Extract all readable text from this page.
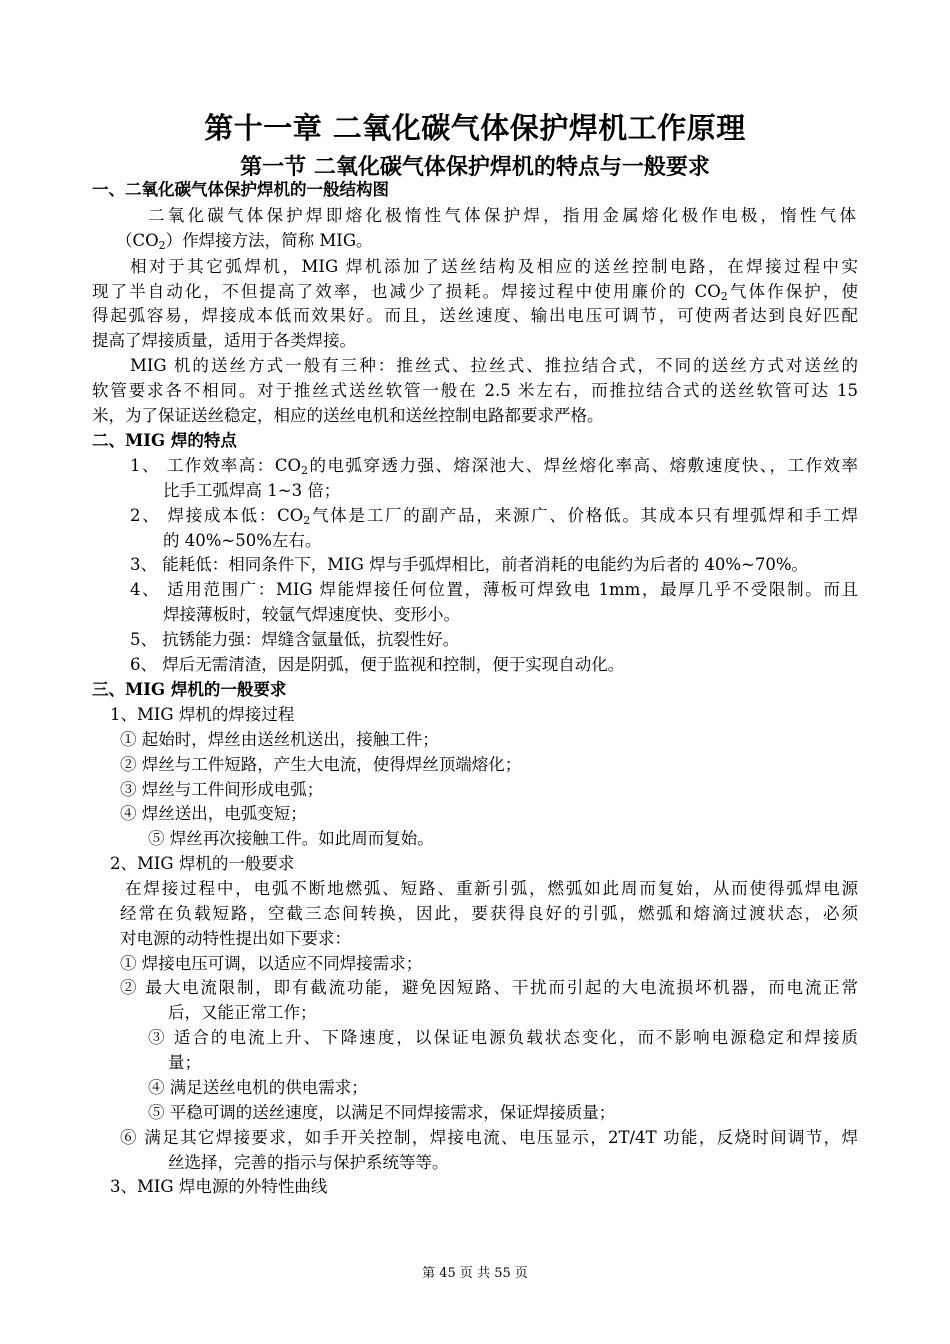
第十一章 二氧化碳气体保护焊机工作原理
第一节 二氧化碳气体保护焊机的特点与一般要求
一、二氧化碳气体保护焊机的一般结构图
二氧化碳气体保护焊即熔化极惰性气体保护焊，指用金属熔化极作电极，惰性气体
$(CO_2)$作焊接方法，简称 MIG。
相对于其它弧焊机，MIG 焊机添加了送丝结构及相应的送丝控制电路，在焊接过程中实
现了半自动化，不但提高了效率，也减少了损耗。焊接过程中使用廉价的 $CO_2$气体作保护，使
得起弧容易，焊接成本低而效果好。而且，送丝速度、输出电压可调节，可使两者达到良好匹配
提高了焊接质量，适用于各类焊接。
MIG 机的送丝方式一般有三种：推丝式、拉丝式、推拉结合式，不同的送丝方式对送丝的
软管要求各不相同。对于推丝式送丝软管一般在 2.5 米左右，而推拉结合式的送丝软管可达 15
米，为了保证送丝稳定，相应的送丝电机和送丝控制电路都要求严格。
二、MIG 焊的特点
1、 工作效率高：$CO_2$的电弧穿透力强、熔深池大、焊丝熔化率高、熔敷速度快、，工作效率
比手工弧焊高 1~3 倍；
2、 焊接成本低：$CO_2$气体是工厂的副产品，来源广、价格低。其成本只有埋弧焊和手工焊
的 40%~50%左右。
3、 能耗低：相同条件下，MIG 焊与手弧焊相比，前者消耗的电能约为后者的 40%~70%。
4、 适用范围广：MIG 焊能焊接任何位置，薄板可焊致电 1mm，最厚几乎不受限制。而且
焊接薄板时，较氩气焊速度快、变形小。
5、 抗锈能力强：焊缝含氩量低，抗裂性好。
6、 焊后无需清渣，因是阴弧，便于监视和控制，便于实现自动化。
三、MIG 焊机的一般要求
1、MIG 焊机的焊接过程
① 起始时，焊丝由送丝机送出，接触工件；
② 焊丝与工件短路，产生大电流，使得焊丝顶端熔化；
③ 焊丝与工件间形成电弧；
④ 焊丝送出，电弧变短；
⑤ 焊丝再次接触工件。如此周而复始。
2、MIG 焊机的一般要求
在焊接过程中，电弧不断地燃弧、短路、重新引弧，燃弧如此周而复始，从而使得弧焊电源
经常在负载短路，空截三态间转换，因此，要获得良好的引弧，燃弧和熔滴过渡状态，必须
对电源的动特性提出如下要求：
① 焊接电压可调，以适应不同焊接需求；
② 最大电流限制，即有截流功能，避免因短路、干扰而引起的大电流损坏机器，而电流正常
后，又能正常工作；
③ 适合的电流上升、下降速度，以保证电源负载状态变化，而不影响电源稳定和焊接质
量；
④ 满足送丝电机的供电需求；
⑤ 平稳可调的送丝速度，以满足不同焊接需求，保证焊接质量；
⑥ 满足其它焊接要求，如手开关控制，焊接电流、电压显示，2T/4T 功能，反烧时间调节，焊
丝选择，完善的指示与保护系统等等。
3、MIG 焊电源的外特性曲线
第 45 页 共 55 页
